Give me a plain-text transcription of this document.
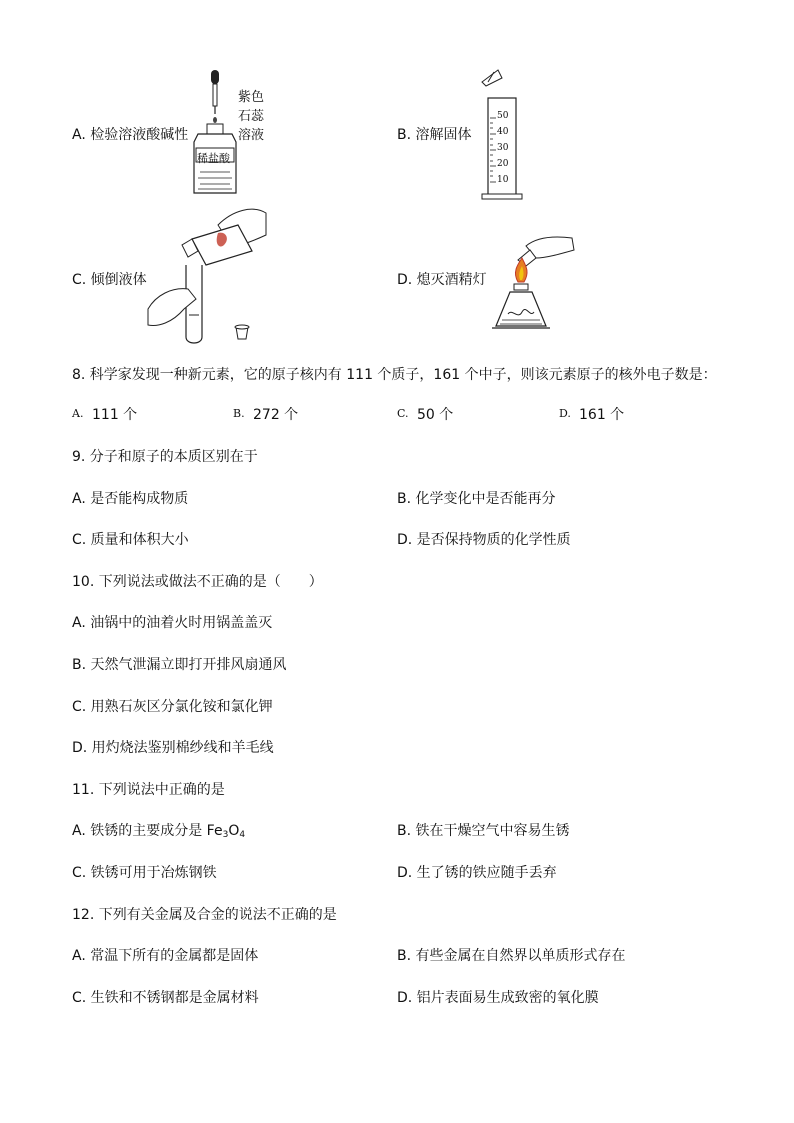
A. 检验溶液酸碱性
稀盐酸
紫色
石蕊
溶液	B. 溶解固体
50
40
30
20
10
C. 倾倒液体	D. 熄灭酒精灯
8. 科学家发现一种新元素，它的原子核内有 111 个质子，161 个中子，则该元素原子的核外电子数是：
A. 111 个	B. 272 个	C. 50 个	D. 161 个
9. 分子和原子的本质区别在于
A. 是否能构成物质	B. 化学变化中是否能再分
C. 质量和体积大小	D. 是否保持物质的化学性质
10. 下列说法或做法不正确的是（　　）
A. 油锅中的油着火时用锅盖盖灭
B. 天然气泄漏立即打开排风扇通风
C. 用熟石灰区分氯化铵和氯化钾
D. 用灼烧法鉴别棉纱线和羊毛线
11. 下列说法中正确的是
A. 铁锈的主要成分是 $Fe_3O_4$	B. 铁在干燥空气中容易生锈
C. 铁锈可用于冶炼钢铁	D. 生了锈的铁应随手丢弃
12. 下列有关金属及合金的说法不正确的是
A. 常温下所有的金属都是固体	B. 有些金属在自然界以单质形式存在
C. 生铁和不锈钢都是金属材料	D. 铝片表面易生成致密的氧化膜
